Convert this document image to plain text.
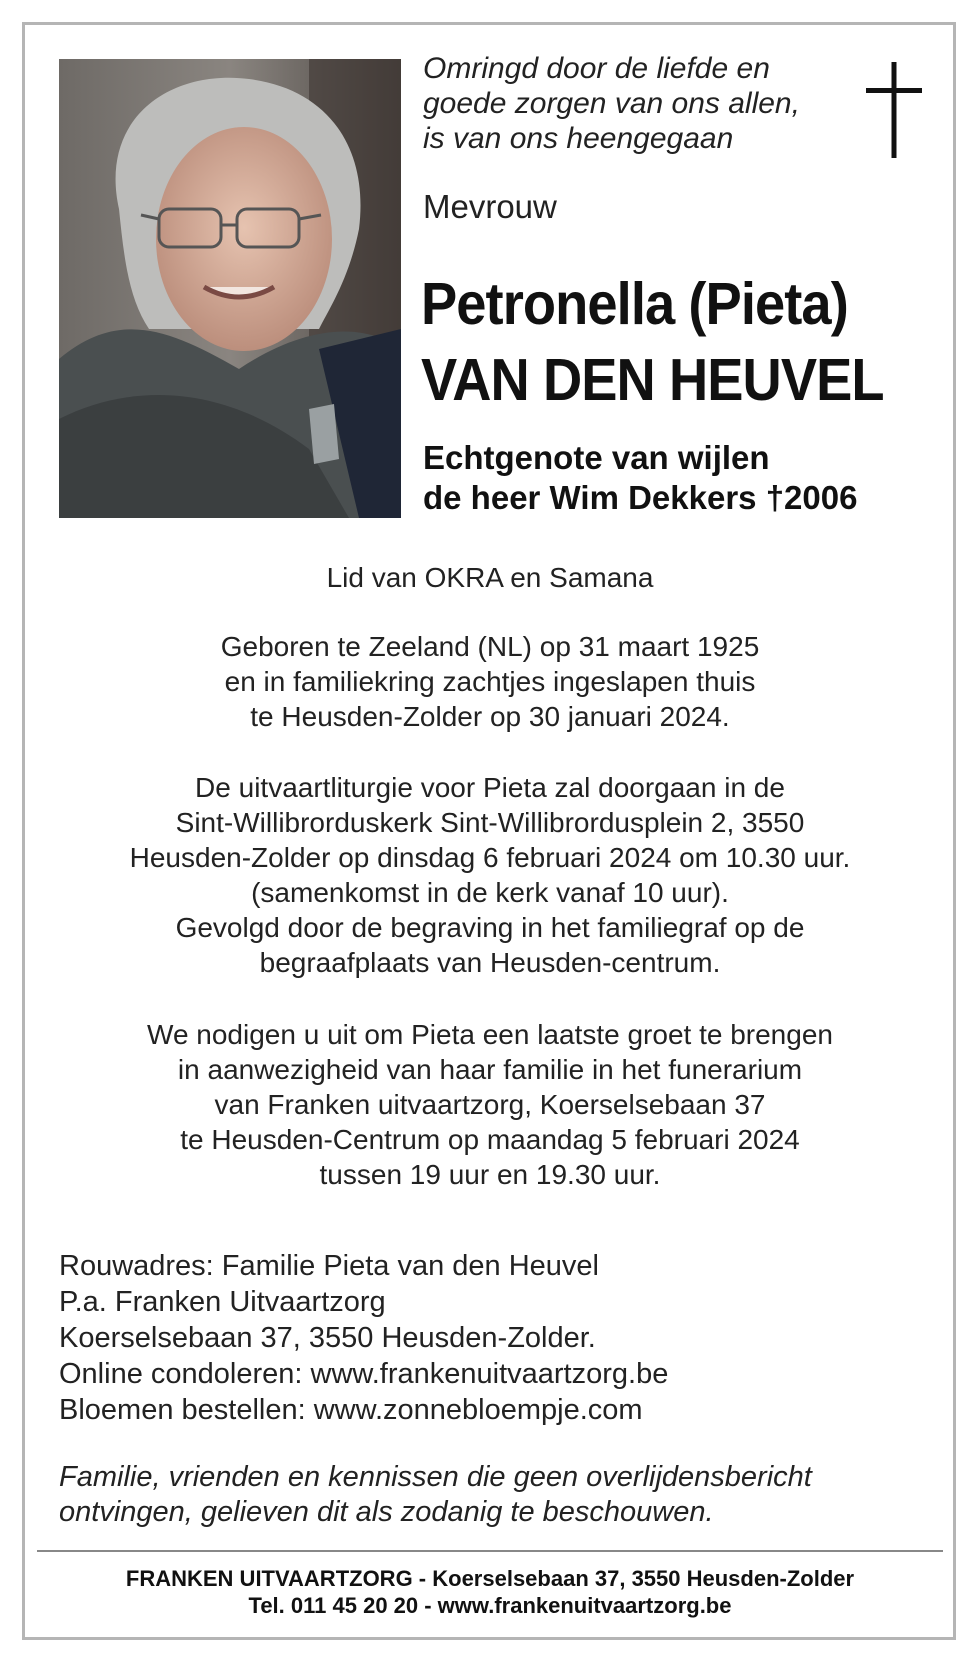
Omringd door de liefde en
goede zorgen van ons allen,
is van ons heengegaan
Mevrouw
Petronella (Pieta)
VAN DEN HEUVEL
Echtgenote van wijlen
de heer Wim Dekkers †2006
Lid van OKRA en Samana
Geboren te Zeeland (NL) op 31 maart 1925
en in familiekring zachtjes ingeslapen thuis
te Heusden-Zolder op 30 januari 2024.
De uitvaartliturgie voor Pieta zal doorgaan in de
Sint-Willibrorduskerk Sint-Willibrordusplein 2, 3550
Heusden-Zolder op dinsdag 6 februari 2024 om 10.30 uur.
(samenkomst in de kerk vanaf 10 uur).
Gevolgd door de begraving in het familiegraf op de
begraafplaats van Heusden-centrum.
We nodigen u uit om Pieta een laatste groet te brengen
in aanwezigheid van haar familie in het funerarium
van Franken uitvaartzorg, Koerselsebaan 37
te Heusden-Centrum op maandag 5 februari 2024
tussen 19 uur en 19.30 uur.
Rouwadres: Familie Pieta van den Heuvel
P.a. Franken Uitvaartzorg
Koerselsebaan 37, 3550 Heusden-Zolder.
Online condoleren: www.frankenuitvaartzorg.be
Bloemen bestellen: www.zonnebloempje.com
Familie, vrienden en kennissen die geen overlijdensbericht
ontvingen, gelieven dit als zodanig te beschouwen.
FRANKEN UITVAARTZORG - Koerselsebaan 37, 3550 Heusden-Zolder
Tel. 011 45 20 20 - www.frankenuitvaartzorg.be
